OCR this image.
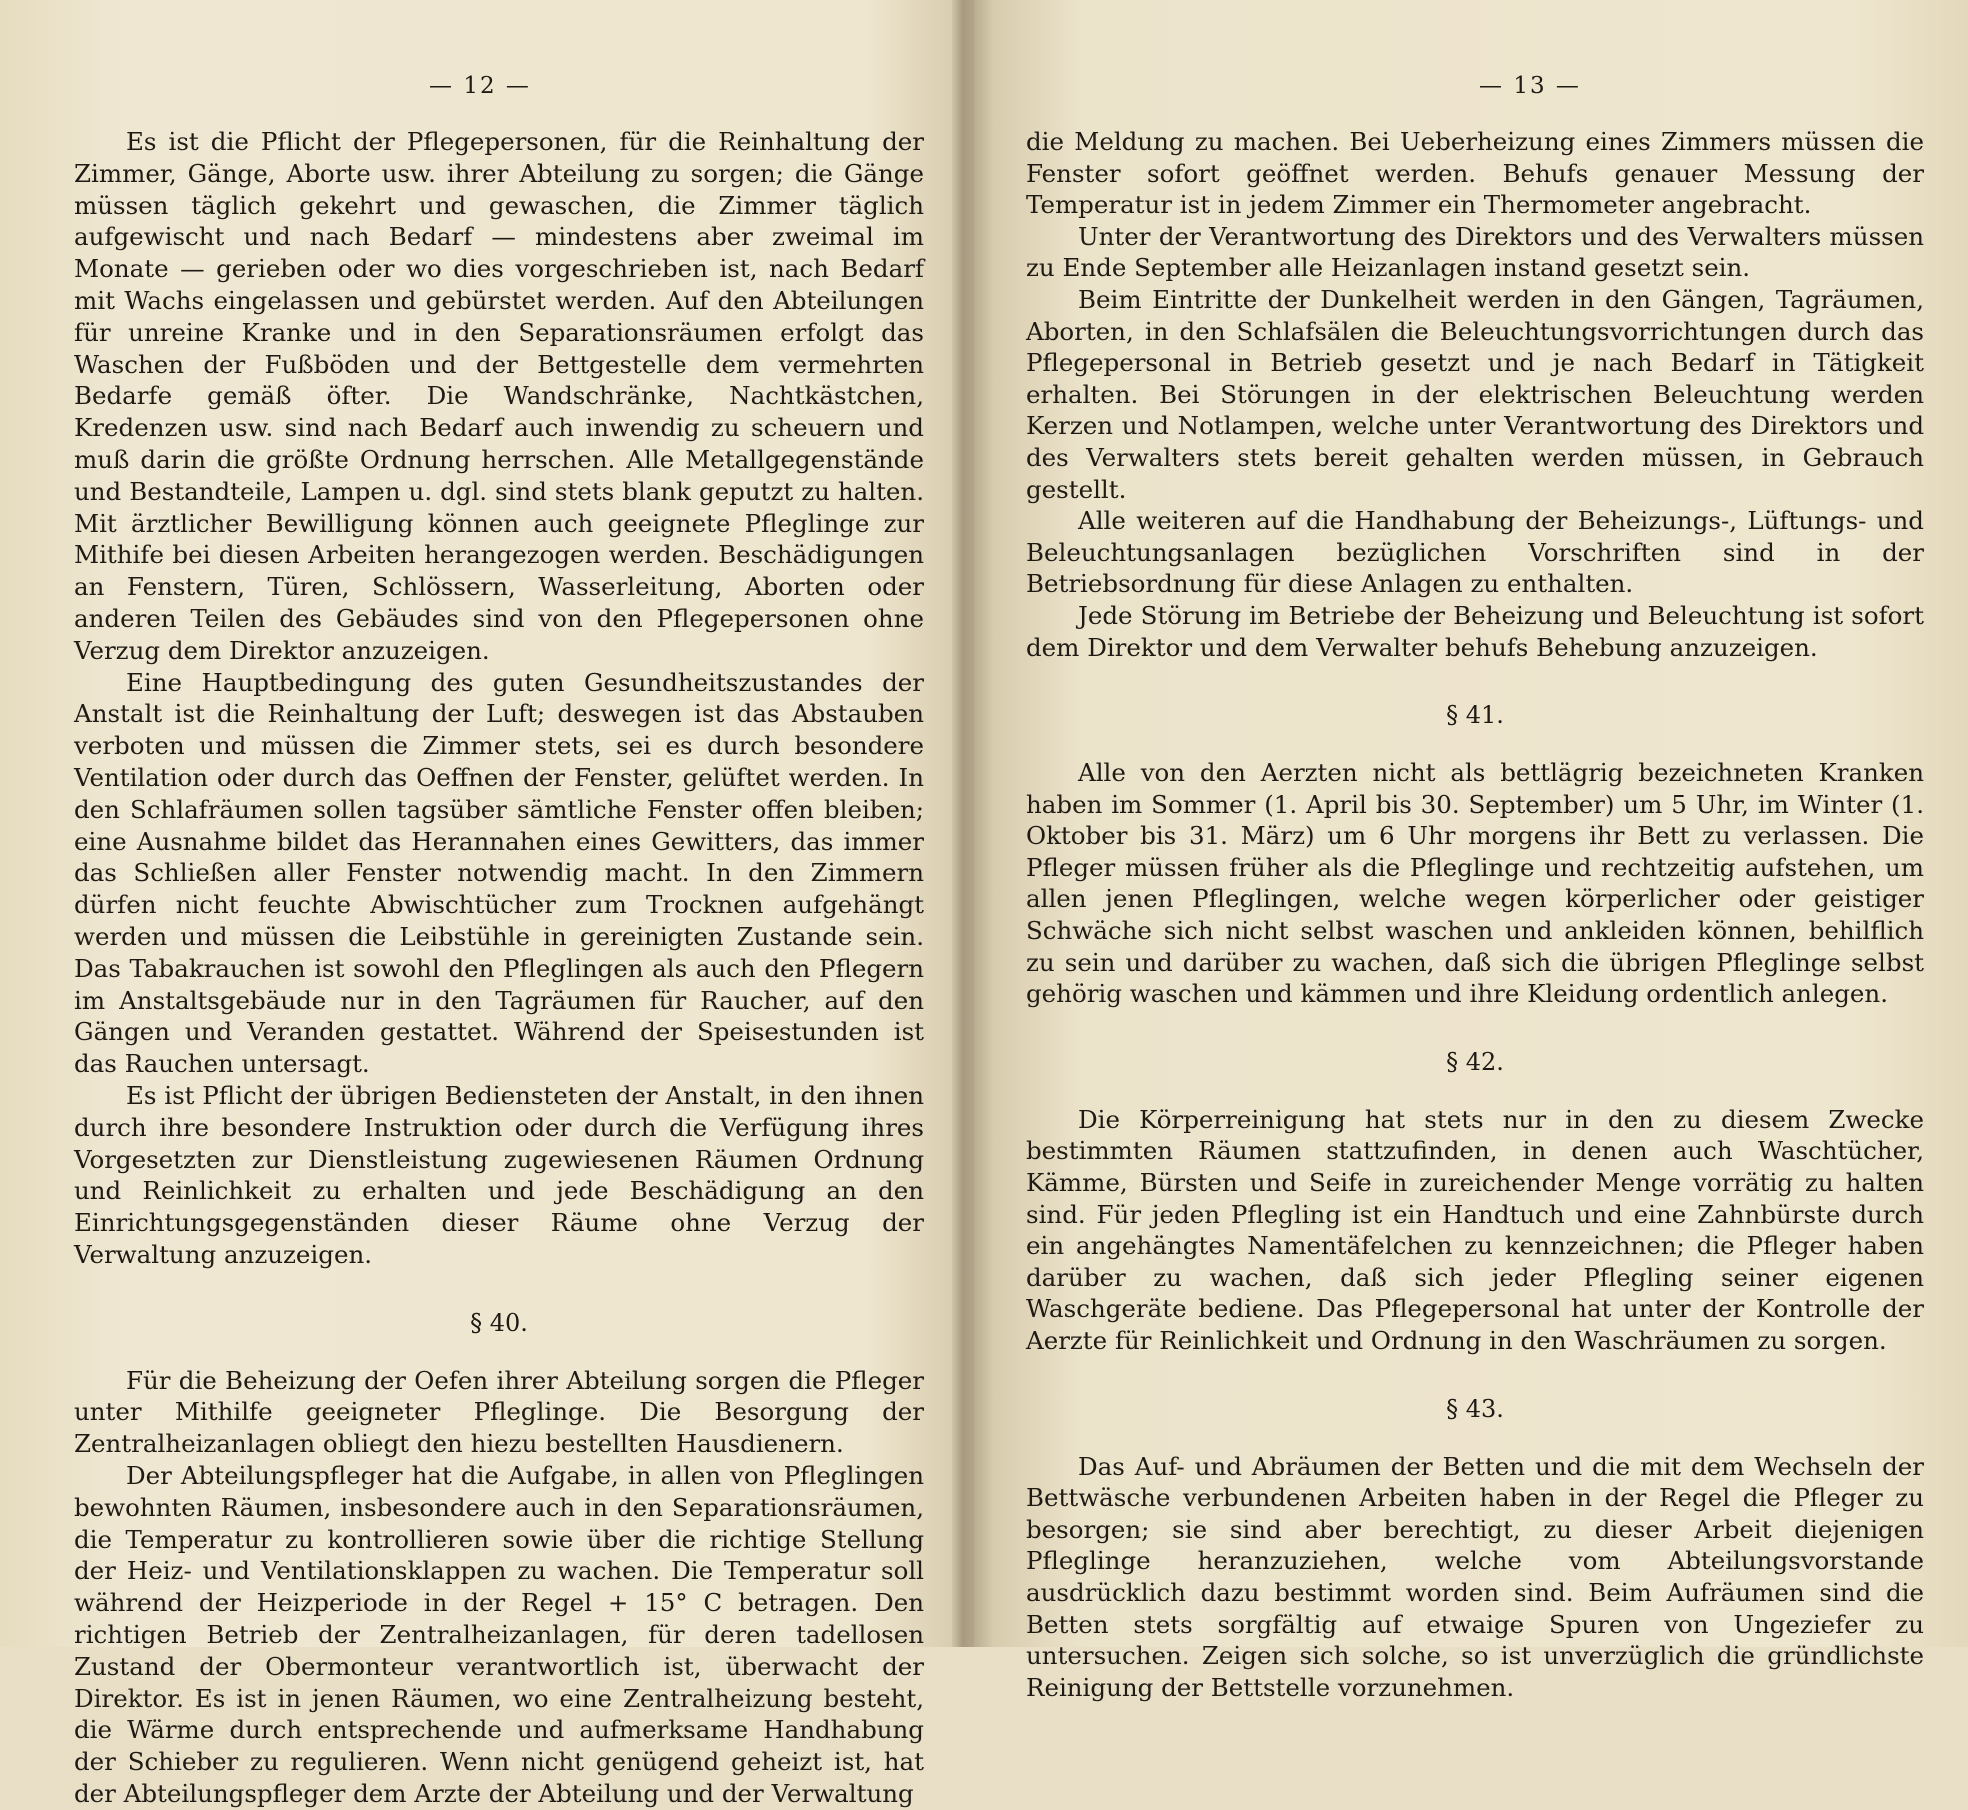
— 12 —

Es ist die Pflicht der Pflegepersonen, für die Reinhaltung der Zimmer, Gänge, Aborte usw. ihrer Abteilung zu sorgen; die Gänge müssen täglich gekehrt und gewaschen, die Zimmer täglich aufgewischt und nach Bedarf — mindestens aber zweimal im Monate — gerieben oder wo dies vorgeschrieben ist, nach Bedarf mit Wachs eingelassen und gebürstet werden. Auf den Abteilungen für unreine Kranke und in den Separationsräumen erfolgt das Waschen der Fußböden und der Bettgestelle dem vermehrten Bedarfe gemäß öfter. Die Wandschränke, Nachtkästchen, Kredenzen usw. sind nach Bedarf auch inwendig zu scheuern und muß darin die größte Ordnung herrschen. Alle Metallgegenstände und Bestandteile, Lampen u. dgl. sind stets blank geputzt zu halten. Mit ärztlicher Bewilligung können auch geeignete Pfleglinge zur Mithife bei diesen Arbeiten herangezogen werden. Beschädigungen an Fenstern, Türen, Schlössern, Wasserleitung, Aborten oder anderen Teilen des Gebäudes sind von den Pflegepersonen ohne Verzug dem Direktor anzuzeigen.

Eine Hauptbedingung des guten Gesundheitszustandes der Anstalt ist die Reinhaltung der Luft; deswegen ist das Abstauben verboten und müssen die Zimmer stets, sei es durch besondere Ventilation oder durch das Oeffnen der Fenster, gelüftet werden. In den Schlafräumen sollen tagsüber sämtliche Fenster offen bleiben; eine Ausnahme bildet das Herannahen eines Gewitters, das immer das Schließen aller Fenster notwendig macht. In den Zimmern dürfen nicht feuchte Abwischtücher zum Trocknen aufgehängt werden und müssen die Leibstühle in gereinigten Zustande sein. Das Tabakrauchen ist sowohl den Pfleglingen als auch den Pflegern im Anstaltsgebäude nur in den Tagräumen für Raucher, auf den Gängen und Veranden gestattet. Während der Speisestunden ist das Rauchen untersagt.

Es ist Pflicht der übrigen Bediensteten der Anstalt, in den ihnen durch ihre besondere Instruktion oder durch die Verfügung ihres Vorgesetzten zur Dienstleistung zugewiesenen Räumen Ordnung und Reinlichkeit zu erhalten und jede Beschädigung an den Einrichtungsgegenständen dieser Räume ohne Verzug der Verwaltung anzuzeigen.

§ 40.

Für die Beheizung der Oefen ihrer Abteilung sorgen die Pfleger unter Mithilfe geeigneter Pfleglinge. Die Besorgung der Zentralheizanlagen obliegt den hiezu bestellten Hausdienern.

Der Abteilungspfleger hat die Aufgabe, in allen von Pfleglingen bewohnten Räumen, insbesondere auch in den Separationsräumen, die Temperatur zu kontrollieren sowie über die richtige Stellung der Heiz- und Ventilationsklappen zu wachen. Die Temperatur soll während der Heizperiode in der Regel + 15° C betragen. Den richtigen Betrieb der Zentralheizanlagen, für deren tadellosen Zustand der Obermonteur verantwortlich ist, überwacht der Direktor. Es ist in jenen Räumen, wo eine Zentralheizung besteht, die Wärme durch entsprechende und aufmerksame Handhabung der Schieber zu regulieren. Wenn nicht genügend geheizt ist, hat der Abteilungspfleger dem Arzte der Abteilung und der Verwaltung

— 13 —

die Meldung zu machen. Bei Ueberheizung eines Zimmers müssen die Fenster sofort geöffnet werden. Behufs genauer Messung der Temperatur ist in jedem Zimmer ein Thermometer angebracht.

Unter der Verantwortung des Direktors und des Verwalters müssen zu Ende September alle Heizanlagen instand gesetzt sein.

Beim Eintritte der Dunkelheit werden in den Gängen, Tagräumen, Aborten, in den Schlafsälen die Beleuchtungsvorrichtungen durch das Pflegepersonal in Betrieb gesetzt und je nach Bedarf in Tätigkeit erhalten. Bei Störungen in der elektrischen Beleuchtung werden Kerzen und Notlampen, welche unter Verantwortung des Direktors und des Verwalters stets bereit gehalten werden müssen, in Gebrauch gestellt.

Alle weiteren auf die Handhabung der Beheizungs-, Lüftungs- und Beleuchtungsanlagen bezüglichen Vorschriften sind in der Betriebsordnung für diese Anlagen zu enthalten.

Jede Störung im Betriebe der Beheizung und Beleuchtung ist sofort dem Direktor und dem Verwalter behufs Behebung anzuzeigen.

§ 41.

Alle von den Aerzten nicht als bettlägrig bezeichneten Kranken haben im Sommer (1. April bis 30. September) um 5 Uhr, im Winter (1. Oktober bis 31. März) um 6 Uhr morgens ihr Bett zu verlassen. Die Pfleger müssen früher als die Pfleglinge und rechtzeitig aufstehen, um allen jenen Pfleglingen, welche wegen körperlicher oder geistiger Schwäche sich nicht selbst waschen und ankleiden können, behilflich zu sein und darüber zu wachen, daß sich die übrigen Pfleglinge selbst gehörig waschen und kämmen und ihre Kleidung ordentlich anlegen.

§ 42.

Die Körperreinigung hat stets nur in den zu diesem Zwecke bestimmten Räumen stattzufinden, in denen auch Waschtücher, Kämme, Bürsten und Seife in zureichender Menge vorrätig zu halten sind. Für jeden Pflegling ist ein Handtuch und eine Zahnbürste durch ein angehängtes Namentäfelchen zu kennzeichnen; die Pfleger haben darüber zu wachen, daß sich jeder Pflegling seiner eigenen Waschgeräte bediene. Das Pflegepersonal hat unter der Kontrolle der Aerzte für Reinlichkeit und Ordnung in den Waschräumen zu sorgen.

§ 43.

Das Auf- und Abräumen der Betten und die mit dem Wechseln der Bettwäsche verbundenen Arbeiten haben in der Regel die Pfleger zu besorgen; sie sind aber berechtigt, zu dieser Arbeit diejenigen Pfleglinge heranzuziehen, welche vom Abteilungsvorstande ausdrücklich dazu bestimmt worden sind. Beim Aufräumen sind die Betten stets sorgfältig auf etwaige Spuren von Ungeziefer zu untersuchen. Zeigen sich solche, so ist unverzüglich die gründlichste Reinigung der Bettstelle vorzunehmen.
